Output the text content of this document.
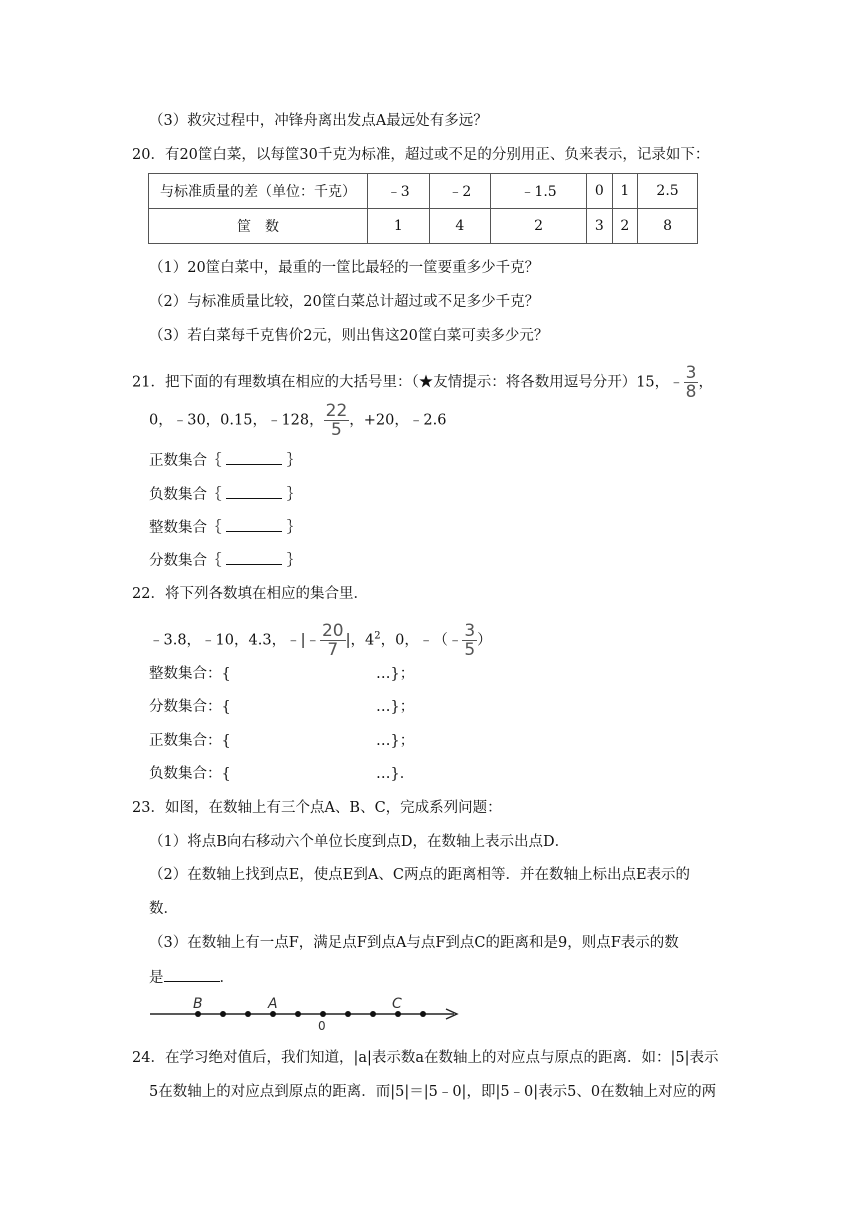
（3）救灾过程中，冲锋舟离出发点A最远处有多远？
20．有20筐白菜，以每筐30千克为标准，超过或不足的分别用正、负来表示，记录如下：
与标准质量的差（单位：千克）	﹣3	﹣2	﹣1.5	0	1	2.5
筐　数	1	4	2	3	2	8
（1）20筐白菜中，最重的一筐比最轻的一筐要重多少千克？
（2）与标准质量比较，20筐白菜总计超过或不足多少千克？
（3）若白菜每千克售价2元，则出售这20筐白菜可卖多少元？
21．把下面的有理数填在相应的大括号里：（★友情提示：将各数用逗号分开）15，﹣ $\frac{3}{8}$ ，
0，﹣30，0.15，﹣128， $\frac{22}{5}$ ，+20，﹣2.6
正数集合｛	｝
负数集合｛	｝
整数集合｛	｝
分数集合｛	｝
22．将下列各数填在相应的集合里．
﹣3.8，﹣10，4.3，﹣|﹣ $\frac{20}{7}$ |，$4^2$，0，﹣（﹣ $\frac{3}{5}$ ）
整数集合：{	…}；
分数集合：{	…}；
正数集合：{	…}；
负数集合：{	…}．
23．如图，在数轴上有三个点A、B、C，完成系列问题：
（1）将点B向右移动六个单位长度到点D，在数轴上表示出点D．
（2）在数轴上找到点E，使点E到A、C两点的距离相等．并在数轴上标出点E表示的
数．
（3）在数轴上有一点F，满足点F到点A与点F到点C的距离和是9，则点F表示的数
是	．
B	A	C
0
24．在学习绝对值后，我们知道，|a|表示数a在数轴上的对应点与原点的距离．如：|5|表示
5在数轴上的对应点到原点的距离．而|5|＝|5﹣0|，即|5﹣0|表示5、0在数轴上对应的两
